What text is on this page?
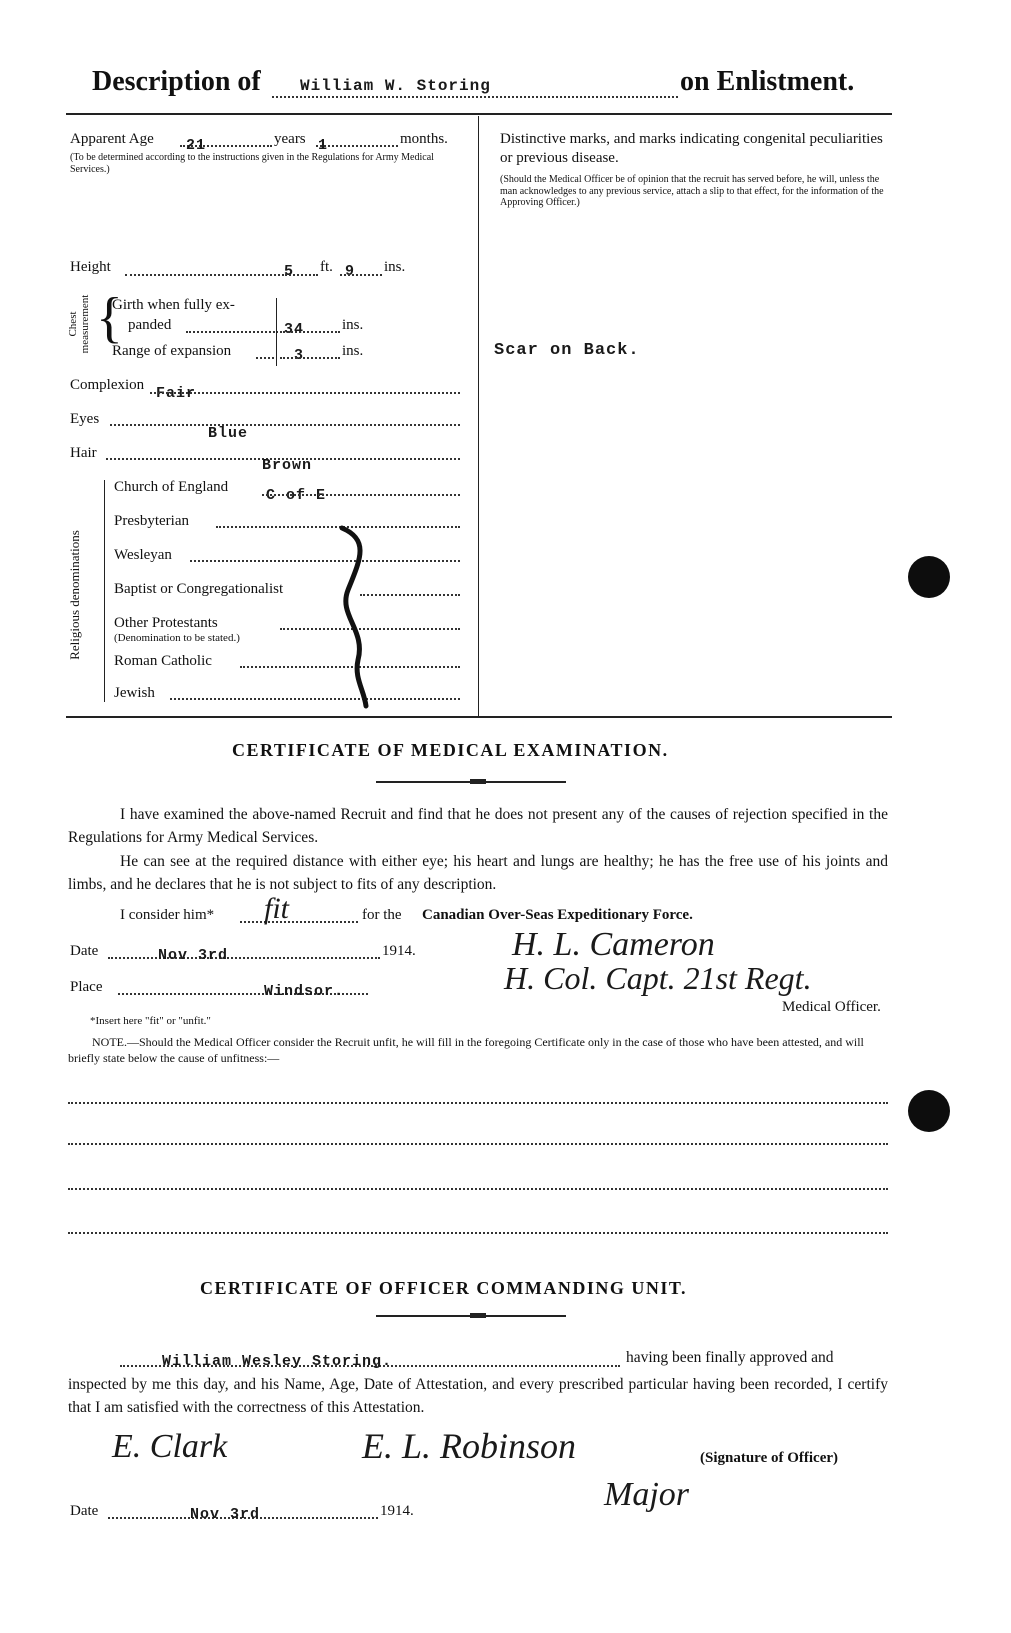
Description of William W. Storing	on Enlistment.
Apparent Age 21	years 1	months.
(To be determined according to the instructions given in the Regulations for Army Medical Services.)
Height	5 ft. 9 ins.
Chest measurement {
Girth when fully ex-
panded	34	ins.
Range of expansion	3	ins.
Complexion Fair
Eyes
Blue
Hair
Brown
Religious denominations
Church of England	C of E
Presbyterian
Wesleyan
Baptist or Congregationalist
Other Protestants
(Denomination to be stated.)
Roman Catholic
Jewish
Distinctive marks, and marks indicating congenital peculiarities or previous disease.
(Should the Medical Officer be of opinion that the recruit has served before, he will, unless the man acknowledges to any previous service, attach a slip to that effect, for the information of the Approving Officer.)
Scar on Back.
CERTIFICATE OF MEDICAL EXAMINATION.
I have examined the above-named Recruit and find that he does not present any of the causes of rejection specified in the Regulations for Army Medical Services.
He can see at the required distance with either eye; his heart and lungs are healthy; he has the free use of his joints and limbs, and he declares that he is not subject to fits of any description.
I consider him* fit	for the Canadian Over-Seas Expeditionary Force.
Date	Nov 3rd	1914.
Place	Windsor.
H. L. Cameron
H. Col. Capt. 21st Regt.
Medical Officer.
*Insert here "fit" or "unfit."
NOTE.—Should the Medical Officer consider the Recruit unfit, he will fill in the foregoing Certificate only in the case of those who have been attested, and will briefly state below the cause of unfitness:—
CERTIFICATE OF OFFICER COMMANDING UNIT.
William Wesley Storing.	having been finally approved and
inspected by me this day, and his Name, Age, Date of Attestation, and every prescribed particular having been recorded, I certify that I am satisfied with the correctness of this Attestation.
E. Clark	E. L. Robinson	(Signature of Officer)
Major
Date	Nov 3rd	1914.
